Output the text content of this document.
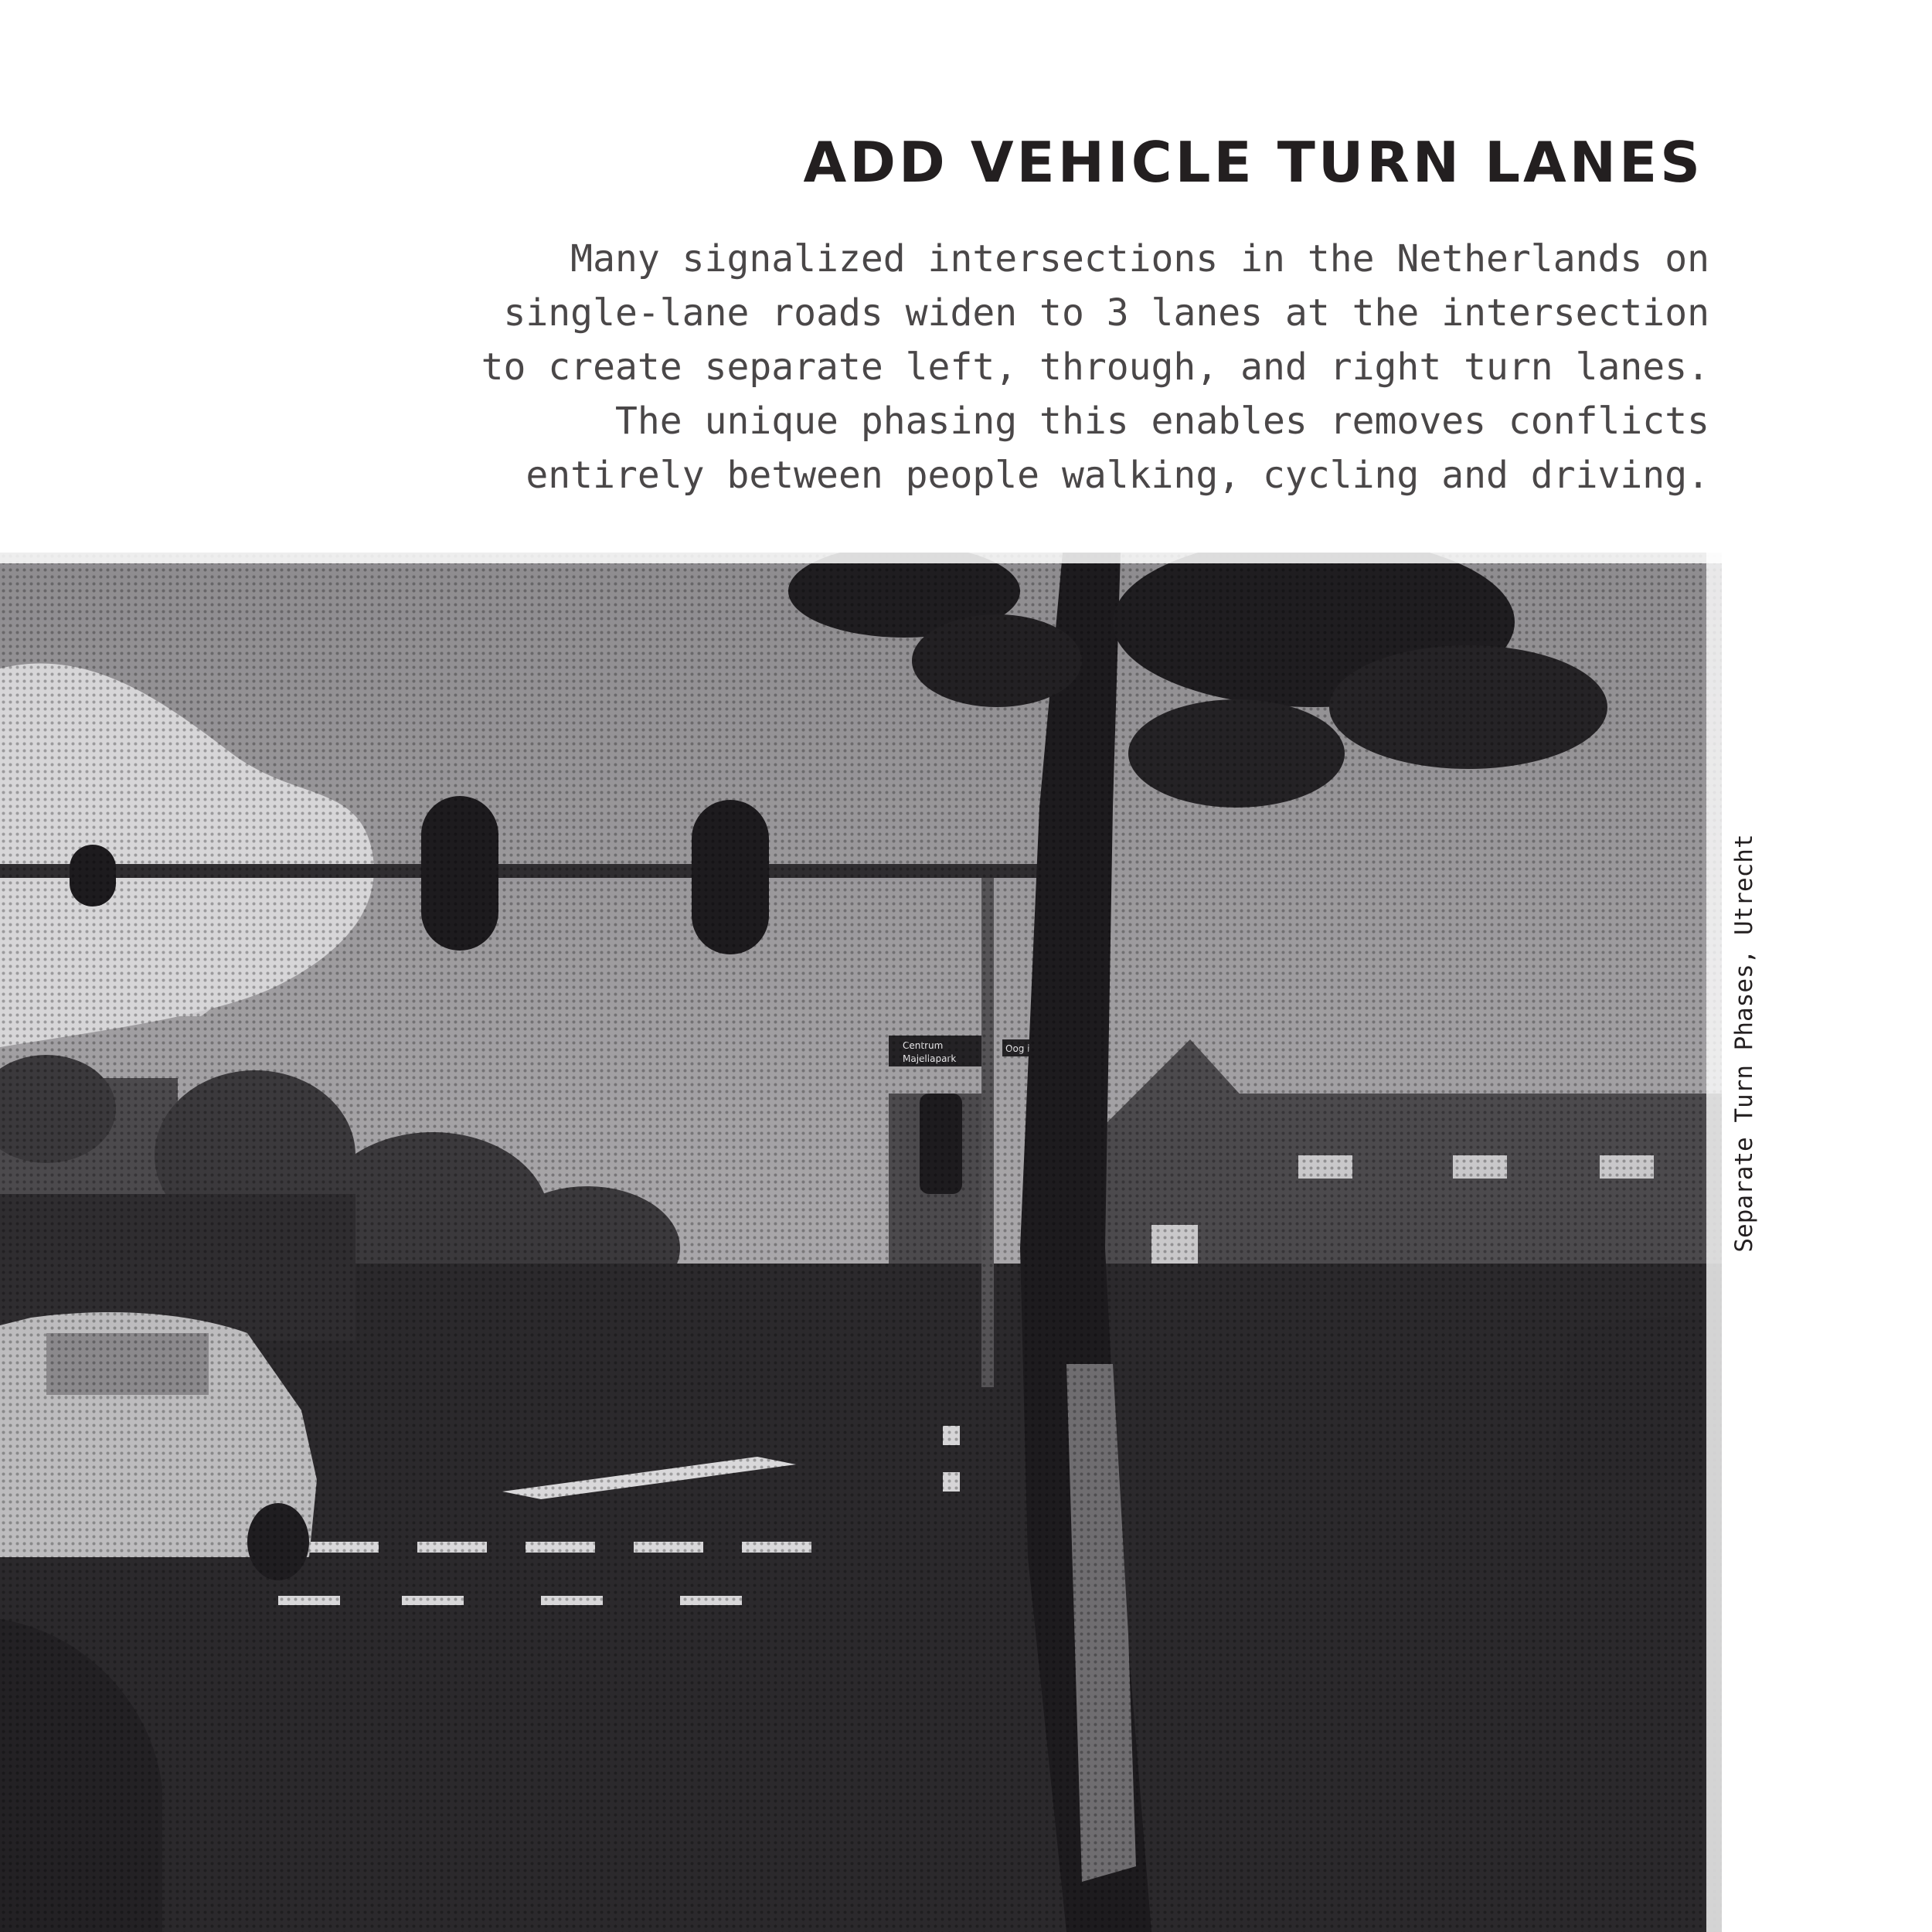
ADD VEHICLE TURN LANES

Many signalized intersections in the Netherlands on
single-lane roads widen to 3 lanes at the intersection
to create separate left, through, and right turn lanes.
The unique phasing this enables removes conflicts
entirely between people walking, cycling and driving.

Separate Turn Phases, Utrecht
